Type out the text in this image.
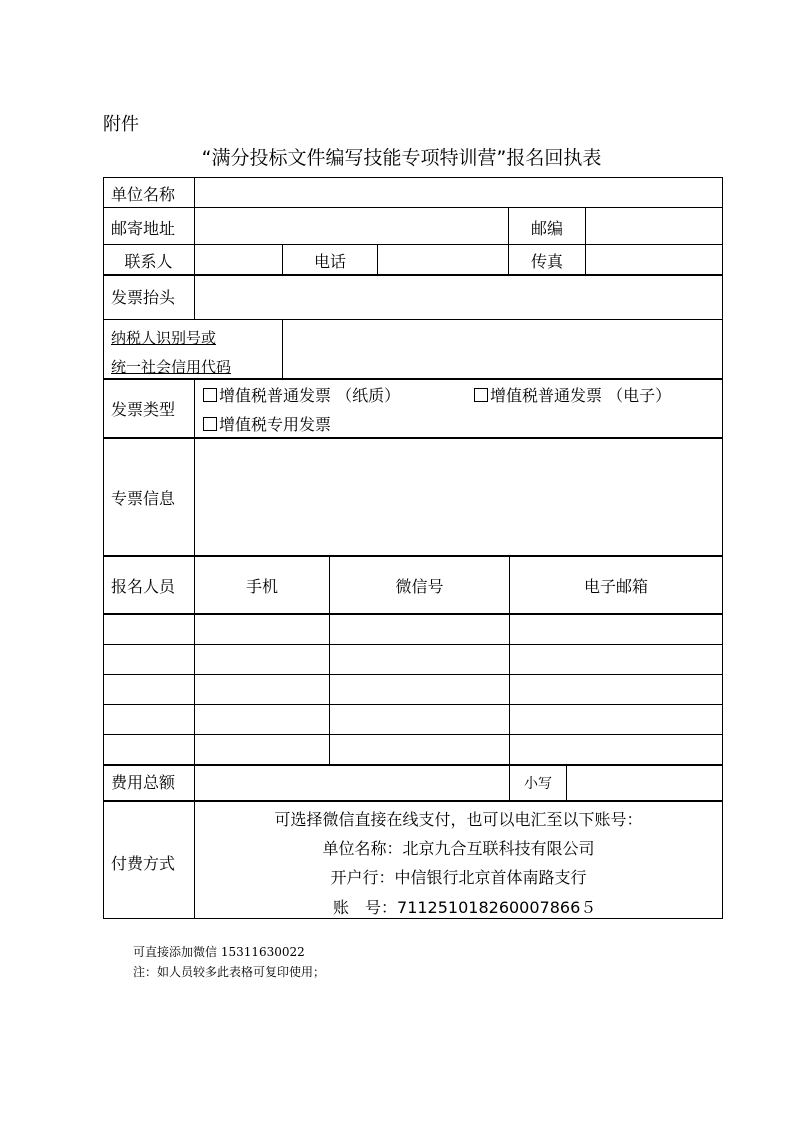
附件
“满分投标文件编写技能专项特训营”报名回执表
单位名称
邮寄地址	邮编
联系人	电话	传真
发票抬头
纳税人识别号或
统一社会信用代码
发票类型
增值税普通发票 （纸质）	增值税普通发票 （电子）
增值税专用发票
专票信息
报名人员	手机	微信号	电子邮箱
费用总额	小写
付费方式
可选择微信直接在线支付，也可以电汇至以下账号：
单位名称：北京九合互联科技有限公司
开户行：中信银行北京首体南路支行
账　号：711251018260007866５
可直接添加微信 15311630022
注：如人员较多此表格可复印使用；
